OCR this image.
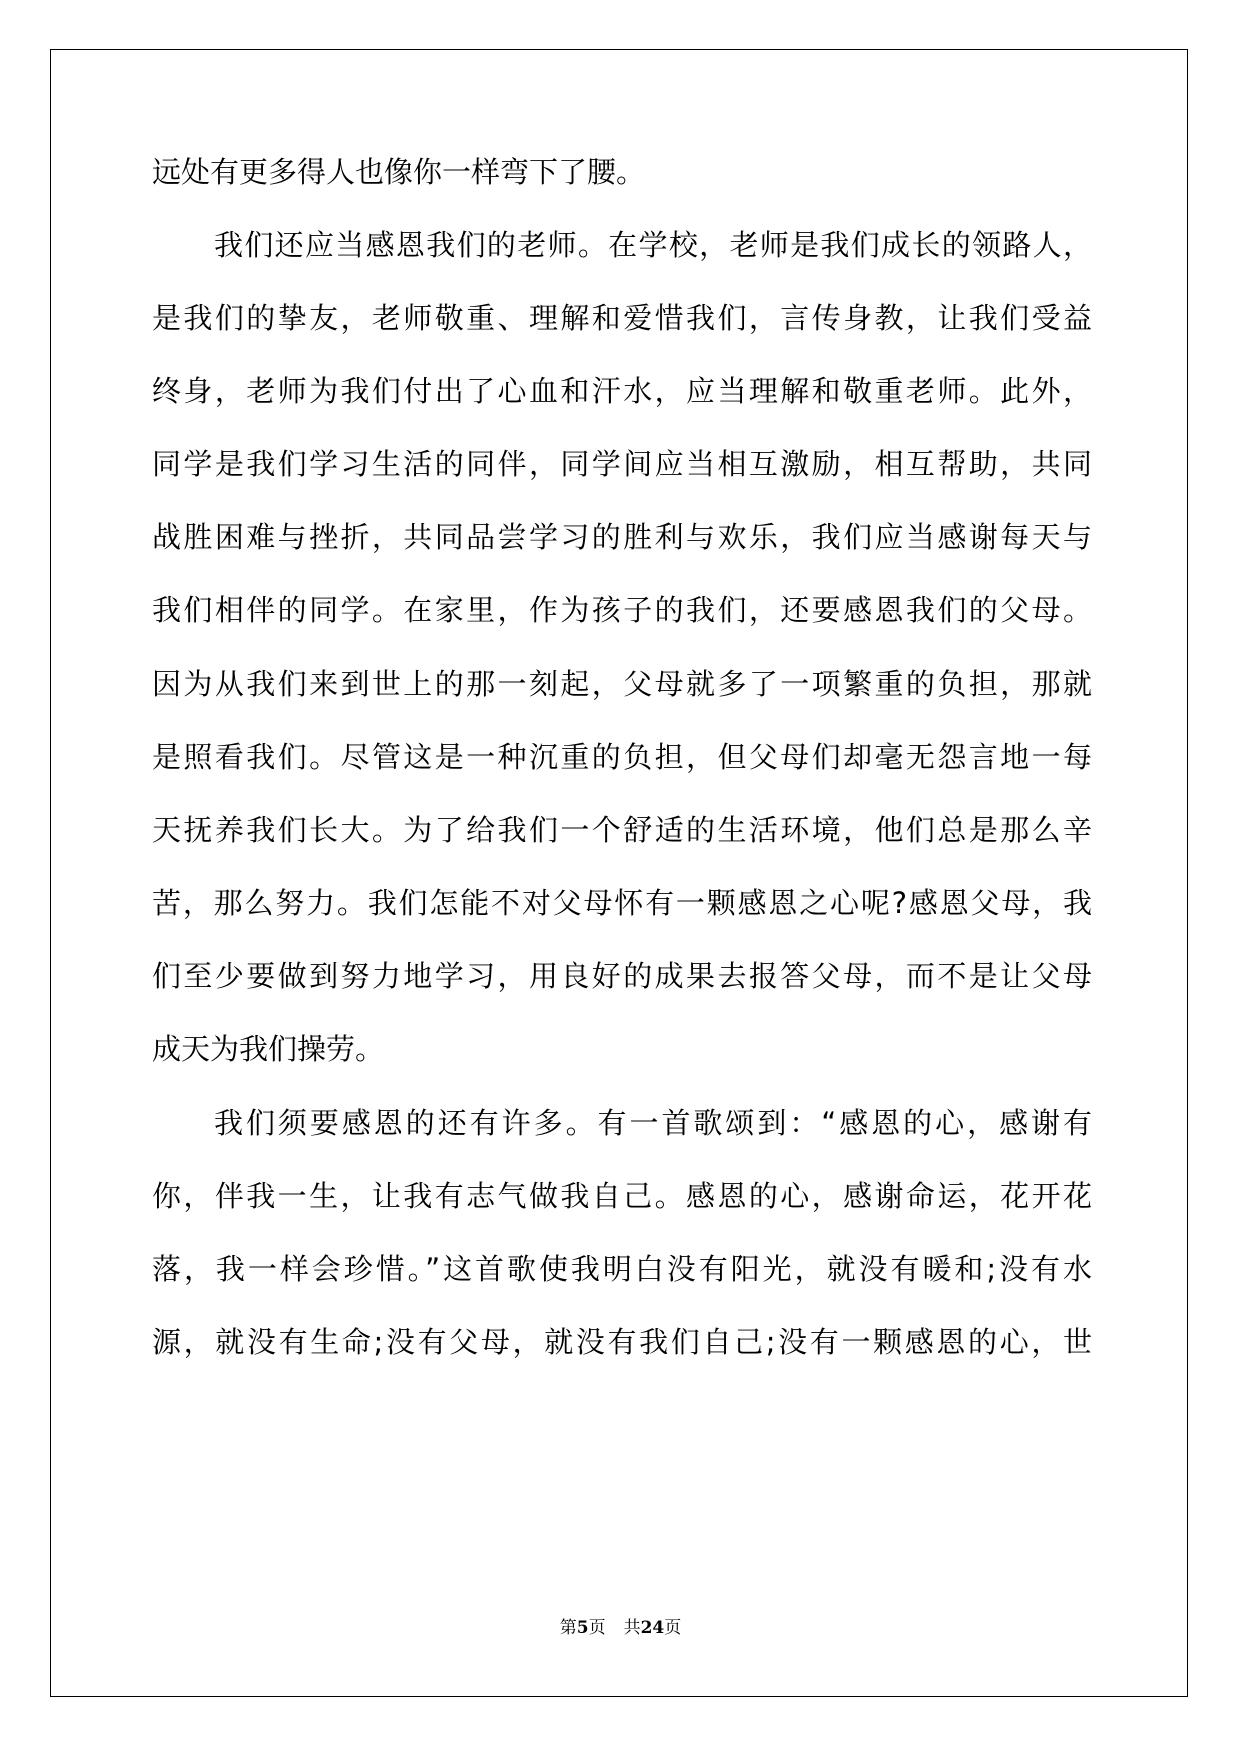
远处有更多得人也像你一样弯下了腰。
我们还应当感恩我们的老师。在学校，老师是我们成长的领路人，
是我们的挚友，老师敬重、理解和爱惜我们，言传身教，让我们受益
终身，老师为我们付出了心血和汗水，应当理解和敬重老师。此外，
同学是我们学习生活的同伴，同学间应当相互激励，相互帮助，共同
战胜困难与挫折，共同品尝学习的胜利与欢乐，我们应当感谢每天与
我们相伴的同学。在家里，作为孩子的我们，还要感恩我们的父母。
因为从我们来到世上的那一刻起，父母就多了一项繁重的负担，那就
是照看我们。尽管这是一种沉重的负担，但父母们却毫无怨言地一每
天抚养我们长大。为了给我们一个舒适的生活环境，他们总是那么辛
苦，那么努力。我们怎能不对父母怀有一颗感恩之心呢?感恩父母，我
们至少要做到努力地学习，用良好的成果去报答父母，而不是让父母
成天为我们操劳。
我们须要感恩的还有许多。有一首歌颂到：“感恩的心，感谢有
你，伴我一生，让我有志气做我自己。感恩的心，感谢命运，花开花
落，我一样会珍惜。”这首歌使我明白没有阳光，就没有暖和;没有水
源，就没有生命;没有父母，就没有我们自己;没有一颗感恩的心，世
第5页 共24页
